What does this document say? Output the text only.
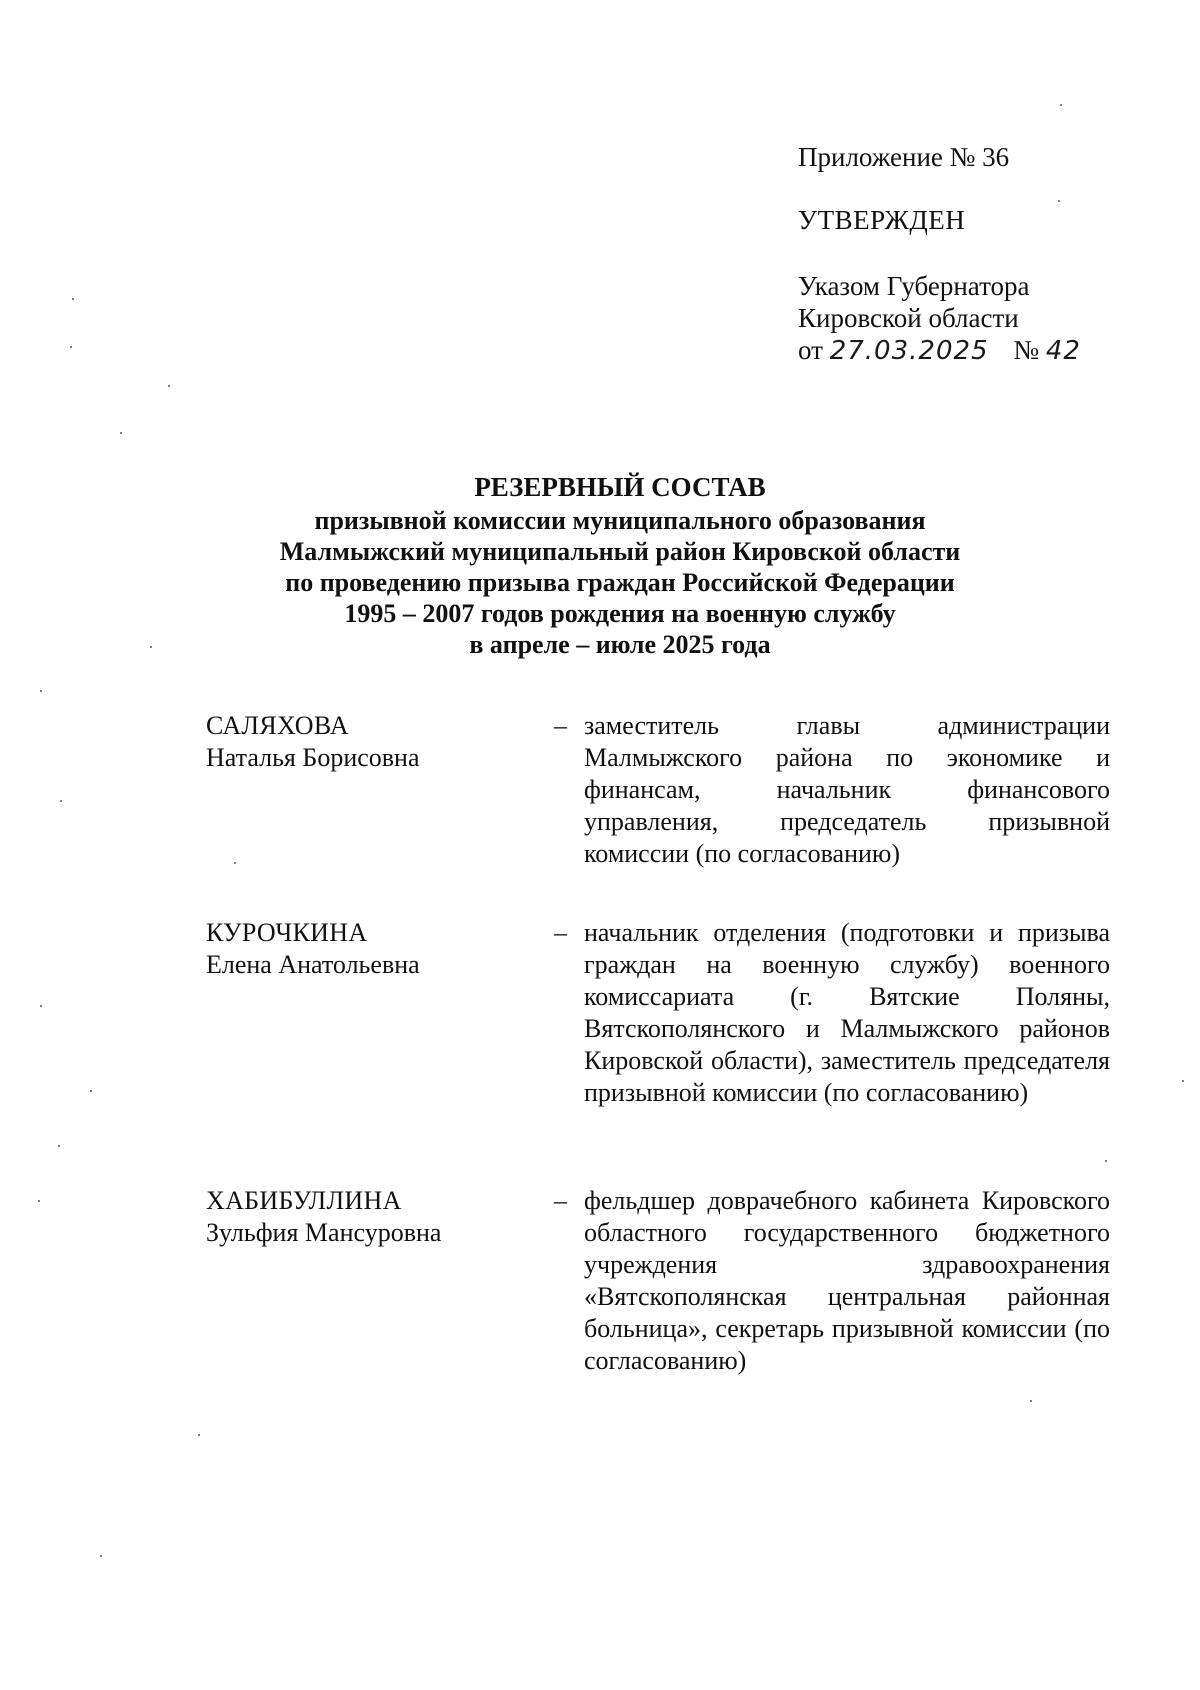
Приложение № 36
УТВЕРЖДЕН
Указом Губернатора
Кировской области
от 27.03.2025 № 42
РЕЗЕРВНЫЙ СОСТАВ
призывной комиссии муниципального образования
Малмыжский муниципальный район Кировской области
по проведению призыва граждан Российской Федерации
1995 – 2007 годов рождения на военную службу
в апреле – июле 2025 года
САЛЯХОВА
Наталья Борисовна
– заместитель главы администрации Малмыжского района по экономике и финансам, начальник финансового управления, председатель призывной комиссии (по согласованию)
КУРОЧКИНА
Елена Анатольевна
– начальник отделения (подготовки и призыва граждан на военную службу) военного комиссариата (г. Вятские Поляны, Вятскополянского и Малмыжского районов Кировской области), заместитель председателя призывной комиссии (по согласованию)
ХАБИБУЛЛИНА
Зульфия Мансуровна
– фельдшер доврачебного кабинета Кировского областного государственного бюджетного учреждения здравоохранения «Вятскополянская центральная районная больница», секретарь призывной комиссии (по согласованию)
